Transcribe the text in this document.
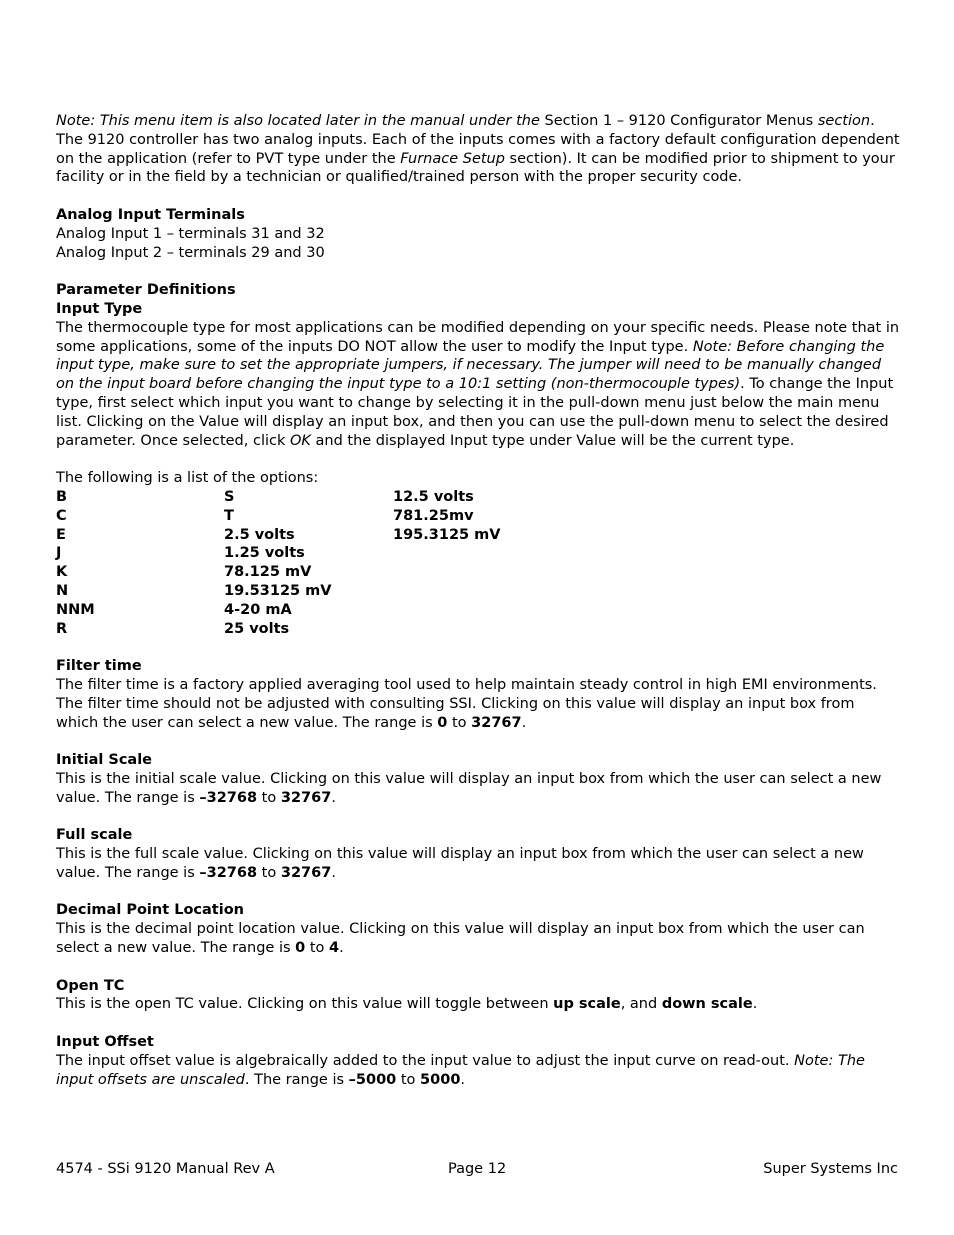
Note: This menu item is also located later in the manual under the Section 1 – 9120 Configurator Menus section.

The 9120 controller has two analog inputs. Each of the inputs comes with a factory default configuration dependent on the application (refer to PVT type under the Furnace Setup section). It can be modified prior to shipment to your facility or in the field by a technician or qualified/trained person with the proper security code.

Analog Input Terminals

Analog Input 1 – terminals 31 and 32

Analog Input 2 – terminals 29 and 30

Parameter Definitions

Input Type

The thermocouple type for most applications can be modified depending on your specific needs. Please note that in some applications, some of the inputs DO NOT allow the user to modify the Input type. Note: Before changing the input type, make sure to set the appropriate jumpers, if necessary. The jumper will need to be manually changed on the input board before changing the input type to a 10:1 setting (non-thermocouple types). To change the Input type, first select which input you want to change by selecting it in the pull-down menu just below the main menu list. Clicking on the Value will display an input box, and then you can use the pull-down menu to select the desired parameter. Once selected, click OK and the displayed Input type under Value will be the current type.

The following is a list of the options:

B	S	12.5 volts
C	T	781.25mv
E	2.5 volts	195.3125 mV
J	1.25 volts
K	78.125 mV
N	19.53125 mV
NNM	4-20 mA
R	25 volts

Filter time

The filter time is a factory applied averaging tool used to help maintain steady control in high EMI environments. The filter time should not be adjusted with consulting SSI. Clicking on this value will display an input box from which the user can select a new value. The range is 0 to 32767.

Initial Scale

This is the initial scale value. Clicking on this value will display an input box from which the user can select a new value. The range is –32768 to 32767.

Full scale

This is the full scale value. Clicking on this value will display an input box from which the user can select a new value. The range is –32768 to 32767.

Decimal Point Location

This is the decimal point location value. Clicking on this value will display an input box from which the user can select a new value. The range is 0 to 4.

Open TC

This is the open TC value. Clicking on this value will toggle between up scale, and down scale.

Input Offset

The input offset value is algebraically added to the input value to adjust the input curve on read-out. Note: The input offsets are unscaled. The range is –5000 to 5000.

4574 - SSi 9120 Manual Rev A	Page 12	Super Systems Inc
